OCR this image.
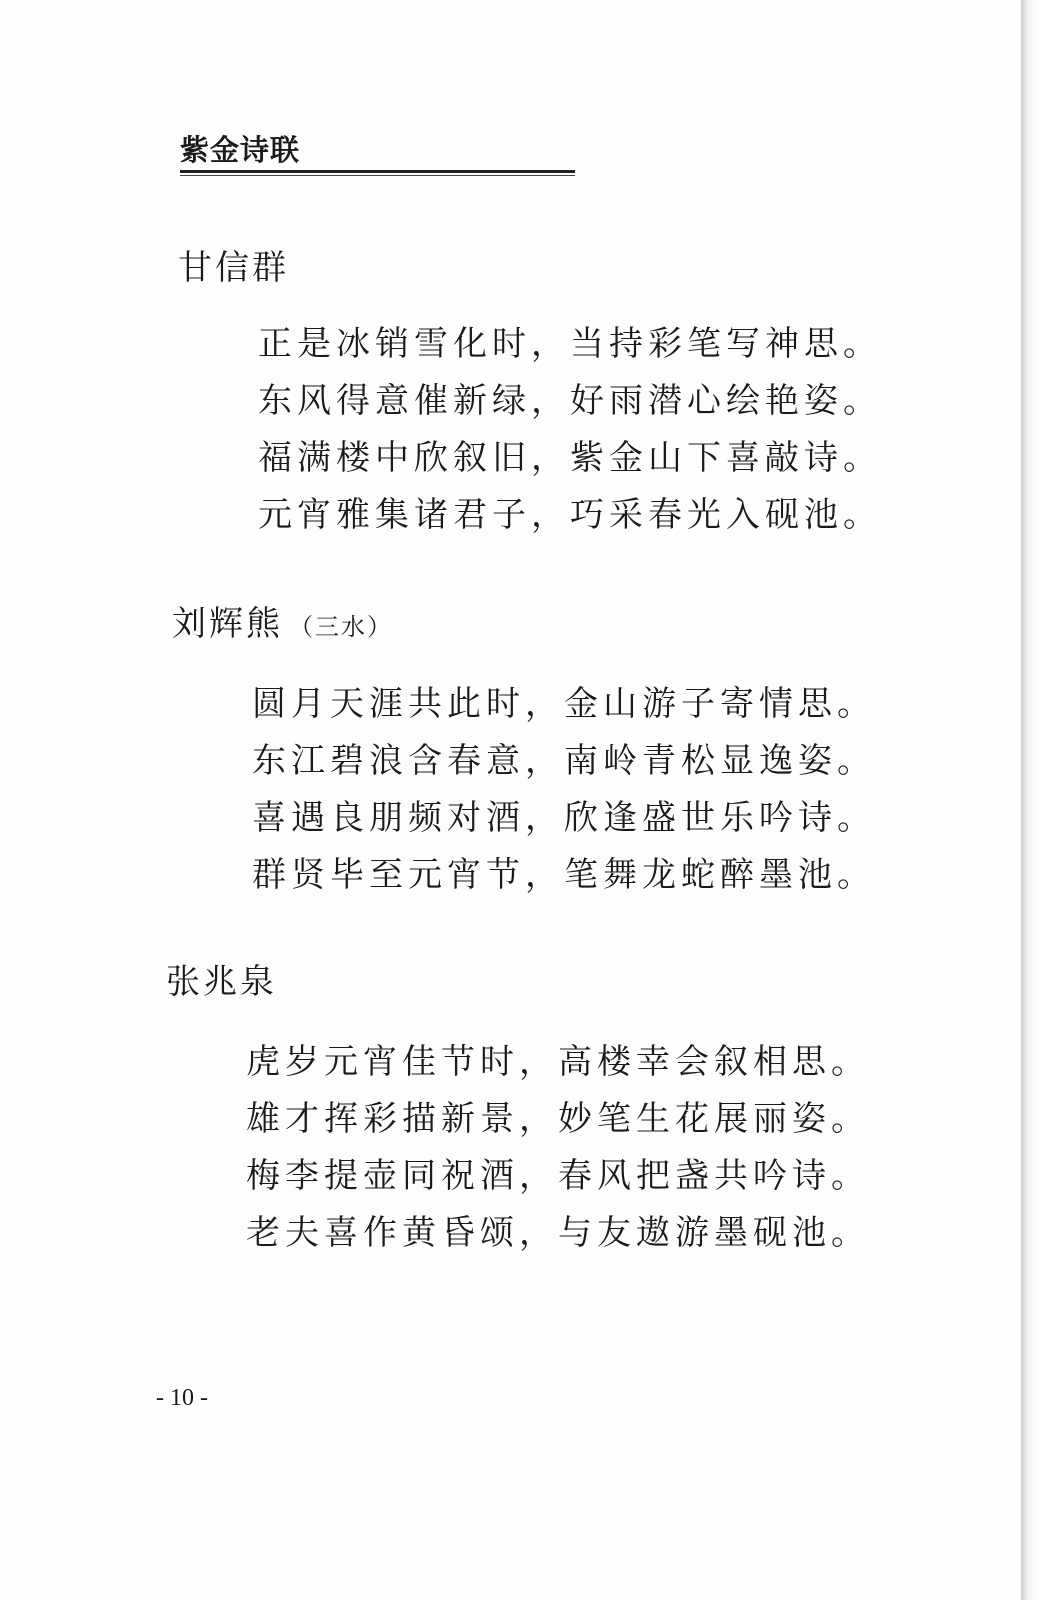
紫金诗联
甘信群
正是冰销雪化时，当持彩笔写神思。
东风得意催新绿，好雨潜心绘艳姿。
福满楼中欣叙旧，紫金山下喜敲诗。
元宵雅集诸君子，巧采春光入砚池。
刘辉熊 （三水）
圆月天涯共此时，金山游子寄情思。
东江碧浪含春意，南岭青松显逸姿。
喜遇良朋频对酒，欣逢盛世乐吟诗。
群贤毕至元宵节，笔舞龙蛇醉墨池。
张兆泉
虎岁元宵佳节时，高楼幸会叙相思。
雄才挥彩描新景，妙笔生花展丽姿。
梅李提壶同祝酒，春风把盏共吟诗。
老夫喜作黄昏颂，与友遨游墨砚池。
- 10 -
